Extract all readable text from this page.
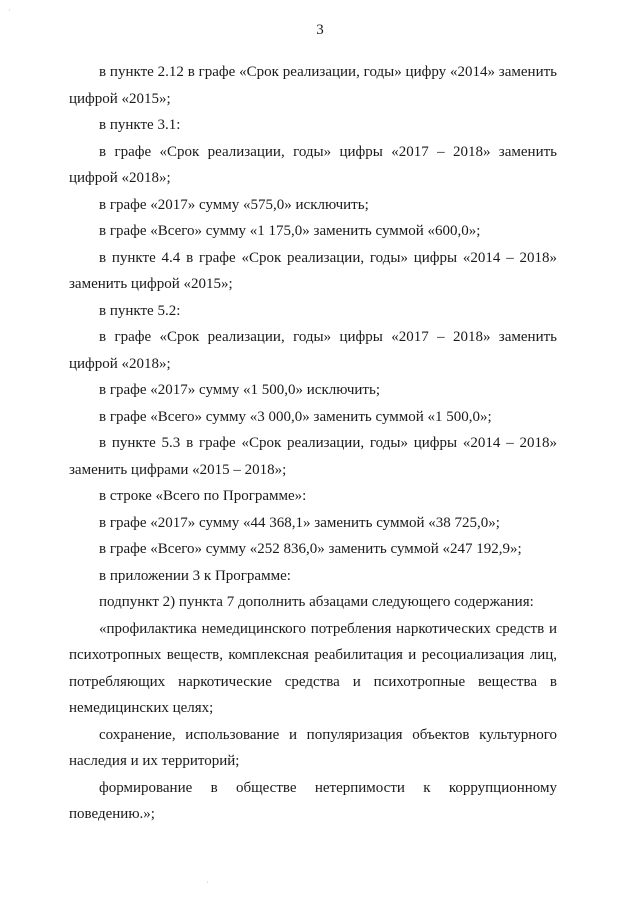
·
3

в пункте 2.12 в графе «Срок реализации, годы» цифру «2014» заменить цифрой «2015»;

в пункте 3.1:

в графе «Срок реализации, годы» цифры «2017 – 2018» заменить цифрой «2018»;

в графе «2017» сумму «575,0» исключить;

в графе «Всего» сумму «1 175,0» заменить суммой «600,0»;

в пункте 4.4 в графе «Срок реализации, годы» цифры «2014 – 2018» заменить цифрой «2015»;

в пункте 5.2:

в графе «Срок реализации, годы» цифры «2017 – 2018» заменить цифрой «2018»;

в графе «2017» сумму «1 500,0» исключить;

в графе «Всего» сумму «3 000,0» заменить суммой «1 500,0»;

в пункте 5.3 в графе «Срок реализации, годы» цифры «2014 – 2018» заменить цифрами «2015 – 2018»;

в строке «Всего по Программе»:

в графе «2017» сумму «44 368,1» заменить суммой «38 725,0»;

в графе «Всего» сумму «252 836,0» заменить суммой «247 192,9»;

в приложении 3 к Программе:

подпункт 2) пункта 7 дополнить абзацами следующего содержания:

«профилактика немедицинского потребления наркотических средств и психотропных веществ, комплексная реабилитация и ресоциализация лиц, потребляющих наркотические средства и психотропные вещества в немедицинских целях;

сохранение, использование и популяризация объектов культурного наследия и их территорий;

формирование в обществе нетерпимости к коррупционному поведению.»;

·
